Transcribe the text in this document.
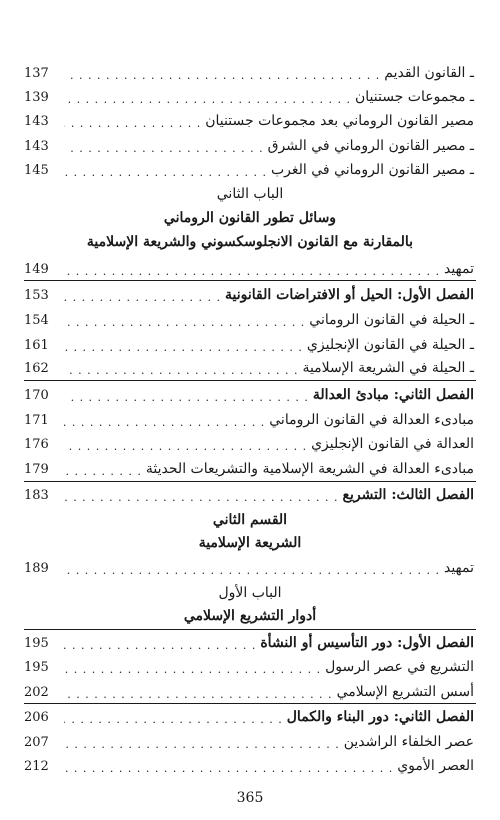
137 . . .	ـ القانون القديم
139 . . .	ـ مجموعات جستنيان
143 . . .	مصير القانون الروماني بعد مجموعات جستنيان
143 . . .	ـ مصير القانون الروماني في الشرق
145 . . .	ـ مصير القانون الروماني في الغرب
الباب الثاني
وسائل تطور القانون الروماني
بالمقارنة مع القانون الانجلوسكسوني والشريعة الإسلامية
149 . . .	تمهيد
153 . . .	الفصل الأول: الحيل أو الافتراضات القانونية
154 . . .	ـ الحيلة في القانون الروماني
161 . . .	ـ الحيلة في القانون الإنجليزي
162 . . .	ـ الحيلة في الشريعة الإسلامية
170 . . .	الفصل الثاني: مبادئ العدالة
171 . . .	مبادىء العدالة في القانون الروماني
176 . . .	العدالة في القانون الإنجليزي
179 . . .	مبادىء العدالة في الشريعة الإسلامية والتشريعات الحديثة
183 . . .	الفصل الثالث: التشريع
القسم الثاني
الشريعة الإسلامية
189 . . .	تمهيد
الباب الأول
أدوار التشريع الإسلامي
195 . . .	الفصل الأول: دور التأسيس أو النشأة
195 . . .	التشريع في عصر الرسول
202 . . .	أسس التشريع الإسلامي
206 . . .	الفصل الثاني: دور البناء والكمال
207 . . .	عصر الخلفاء الراشدين
212 . . .	العصر الأموي
365
